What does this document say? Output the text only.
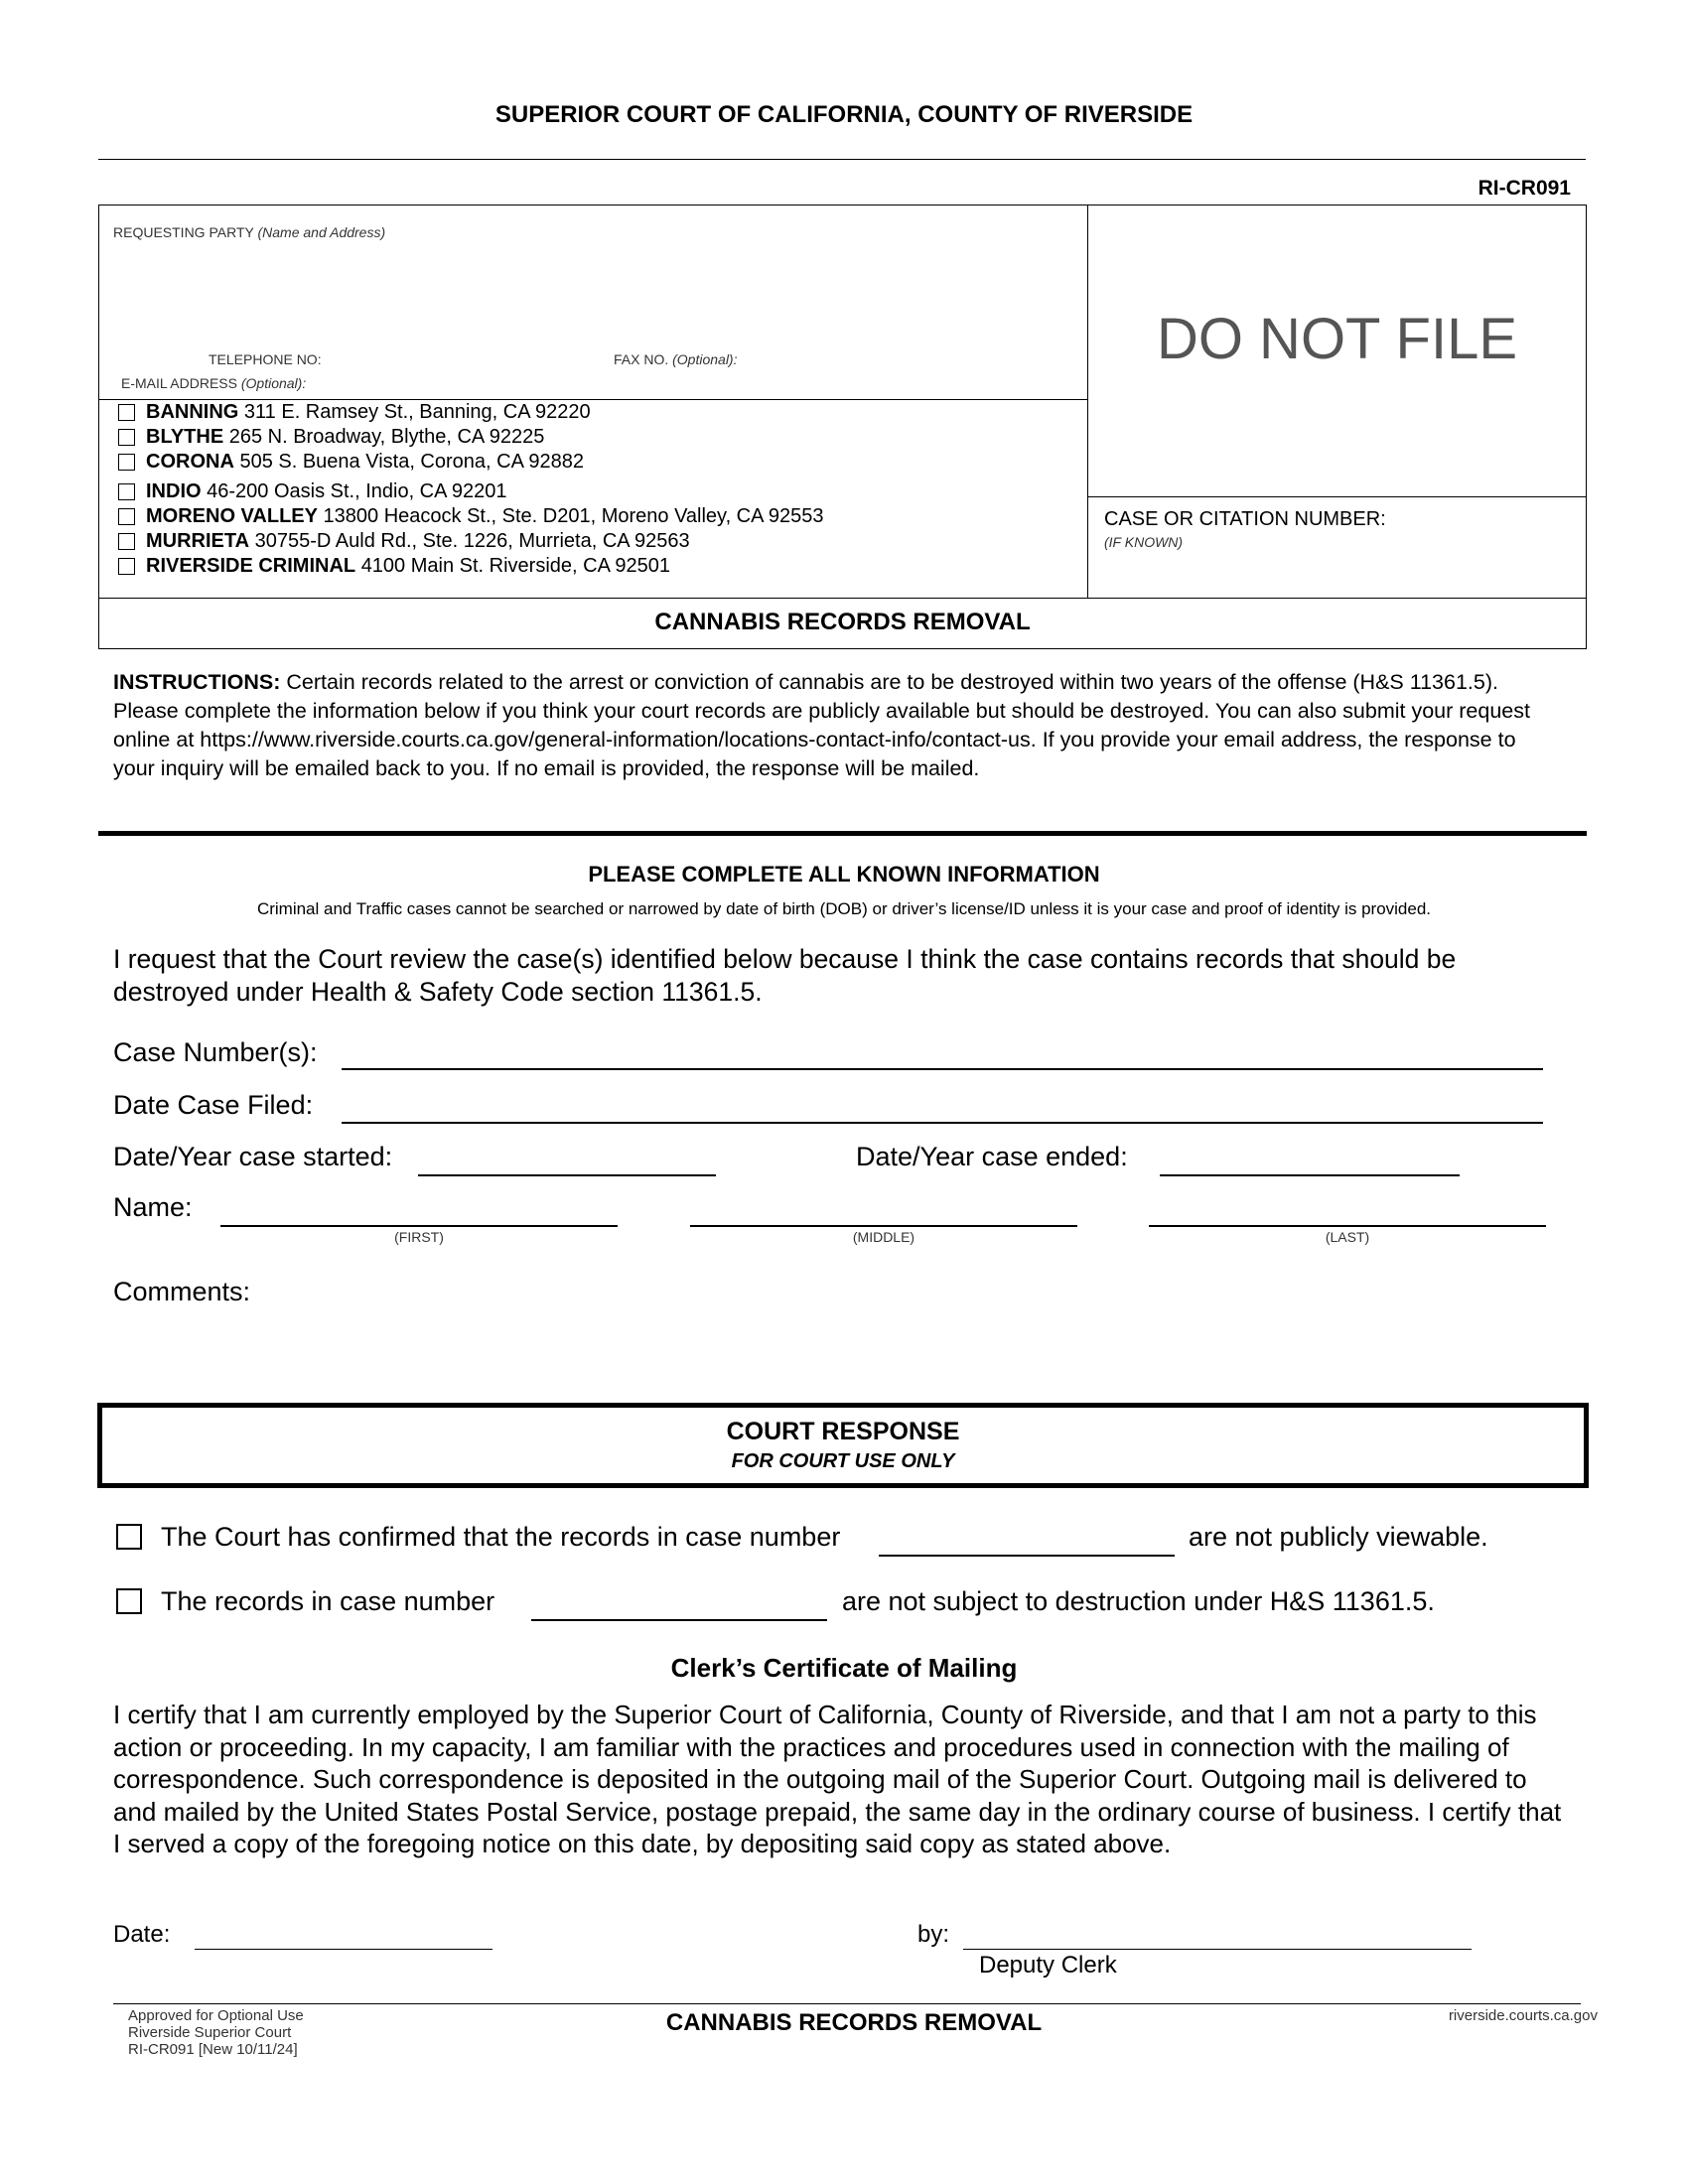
SUPERIOR COURT OF CALIFORNIA, COUNTY OF RIVERSIDE
RI-CR091
REQUESTING PARTY (Name and Address)
TELEPHONE NO:	FAX NO. (Optional):
E-MAIL ADDRESS (Optional):
BANNING 311 E. Ramsey St., Banning, CA 92220
BLYTHE 265 N. Broadway, Blythe, CA 92225
CORONA 505 S. Buena Vista, Corona, CA 92882
INDIO 46-200 Oasis St., Indio, CA 92201
MORENO VALLEY 13800 Heacock St., Ste. D201, Moreno Valley, CA 92553
MURRIETA 30755-D Auld Rd., Ste. 1226, Murrieta, CA 92563
RIVERSIDE CRIMINAL 4100 Main St. Riverside, CA 92501
DO NOT FILE
CASE OR CITATION NUMBER:
(IF KNOWN)
CANNABIS RECORDS REMOVAL
INSTRUCTIONS: Certain records related to the arrest or conviction of cannabis are to be destroyed within two years of the offense (H&S 11361.5). Please complete the information below if you think your court records are publicly available but should be destroyed. You can also submit your request online at https://www.riverside.courts.ca.gov/general-information/locations-contact-info/contact-us. If you provide your email address, the response to your inquiry will be emailed back to you. If no email is provided, the response will be mailed.
PLEASE COMPLETE ALL KNOWN INFORMATION
Criminal and Traffic cases cannot be searched or narrowed by date of birth (DOB) or driver’s license/ID unless it is your case and proof of identity is provided.
I request that the Court review the case(s) identified below because I think the case contains records that should be destroyed under Health & Safety Code section 11361.5.
Case Number(s):
Date Case Filed:
Date/Year case started:	Date/Year case ended:
Name:
(FIRST)	(MIDDLE)	(LAST)
Comments:
COURT RESPONSE
FOR COURT USE ONLY
The Court has confirmed that the records in case number	are not publicly viewable.
The records in case number	are not subject to destruction under H&S 11361.5.
Clerk’s Certificate of Mailing
I certify that I am currently employed by the Superior Court of California, County of Riverside, and that I am not a party to this action or proceeding. In my capacity, I am familiar with the practices and procedures used in connection with the mailing of correspondence. Such correspondence is deposited in the outgoing mail of the Superior Court. Outgoing mail is delivered to and mailed by the United States Postal Service, postage prepaid, the same day in the ordinary course of business. I certify that I served a copy of the foregoing notice on this date, by depositing said copy as stated above.
Date:	by:
Deputy Clerk
Approved for Optional Use
Riverside Superior Court
RI-CR091 [New 10/11/24]
CANNABIS RECORDS REMOVAL	riverside.courts.ca.gov
